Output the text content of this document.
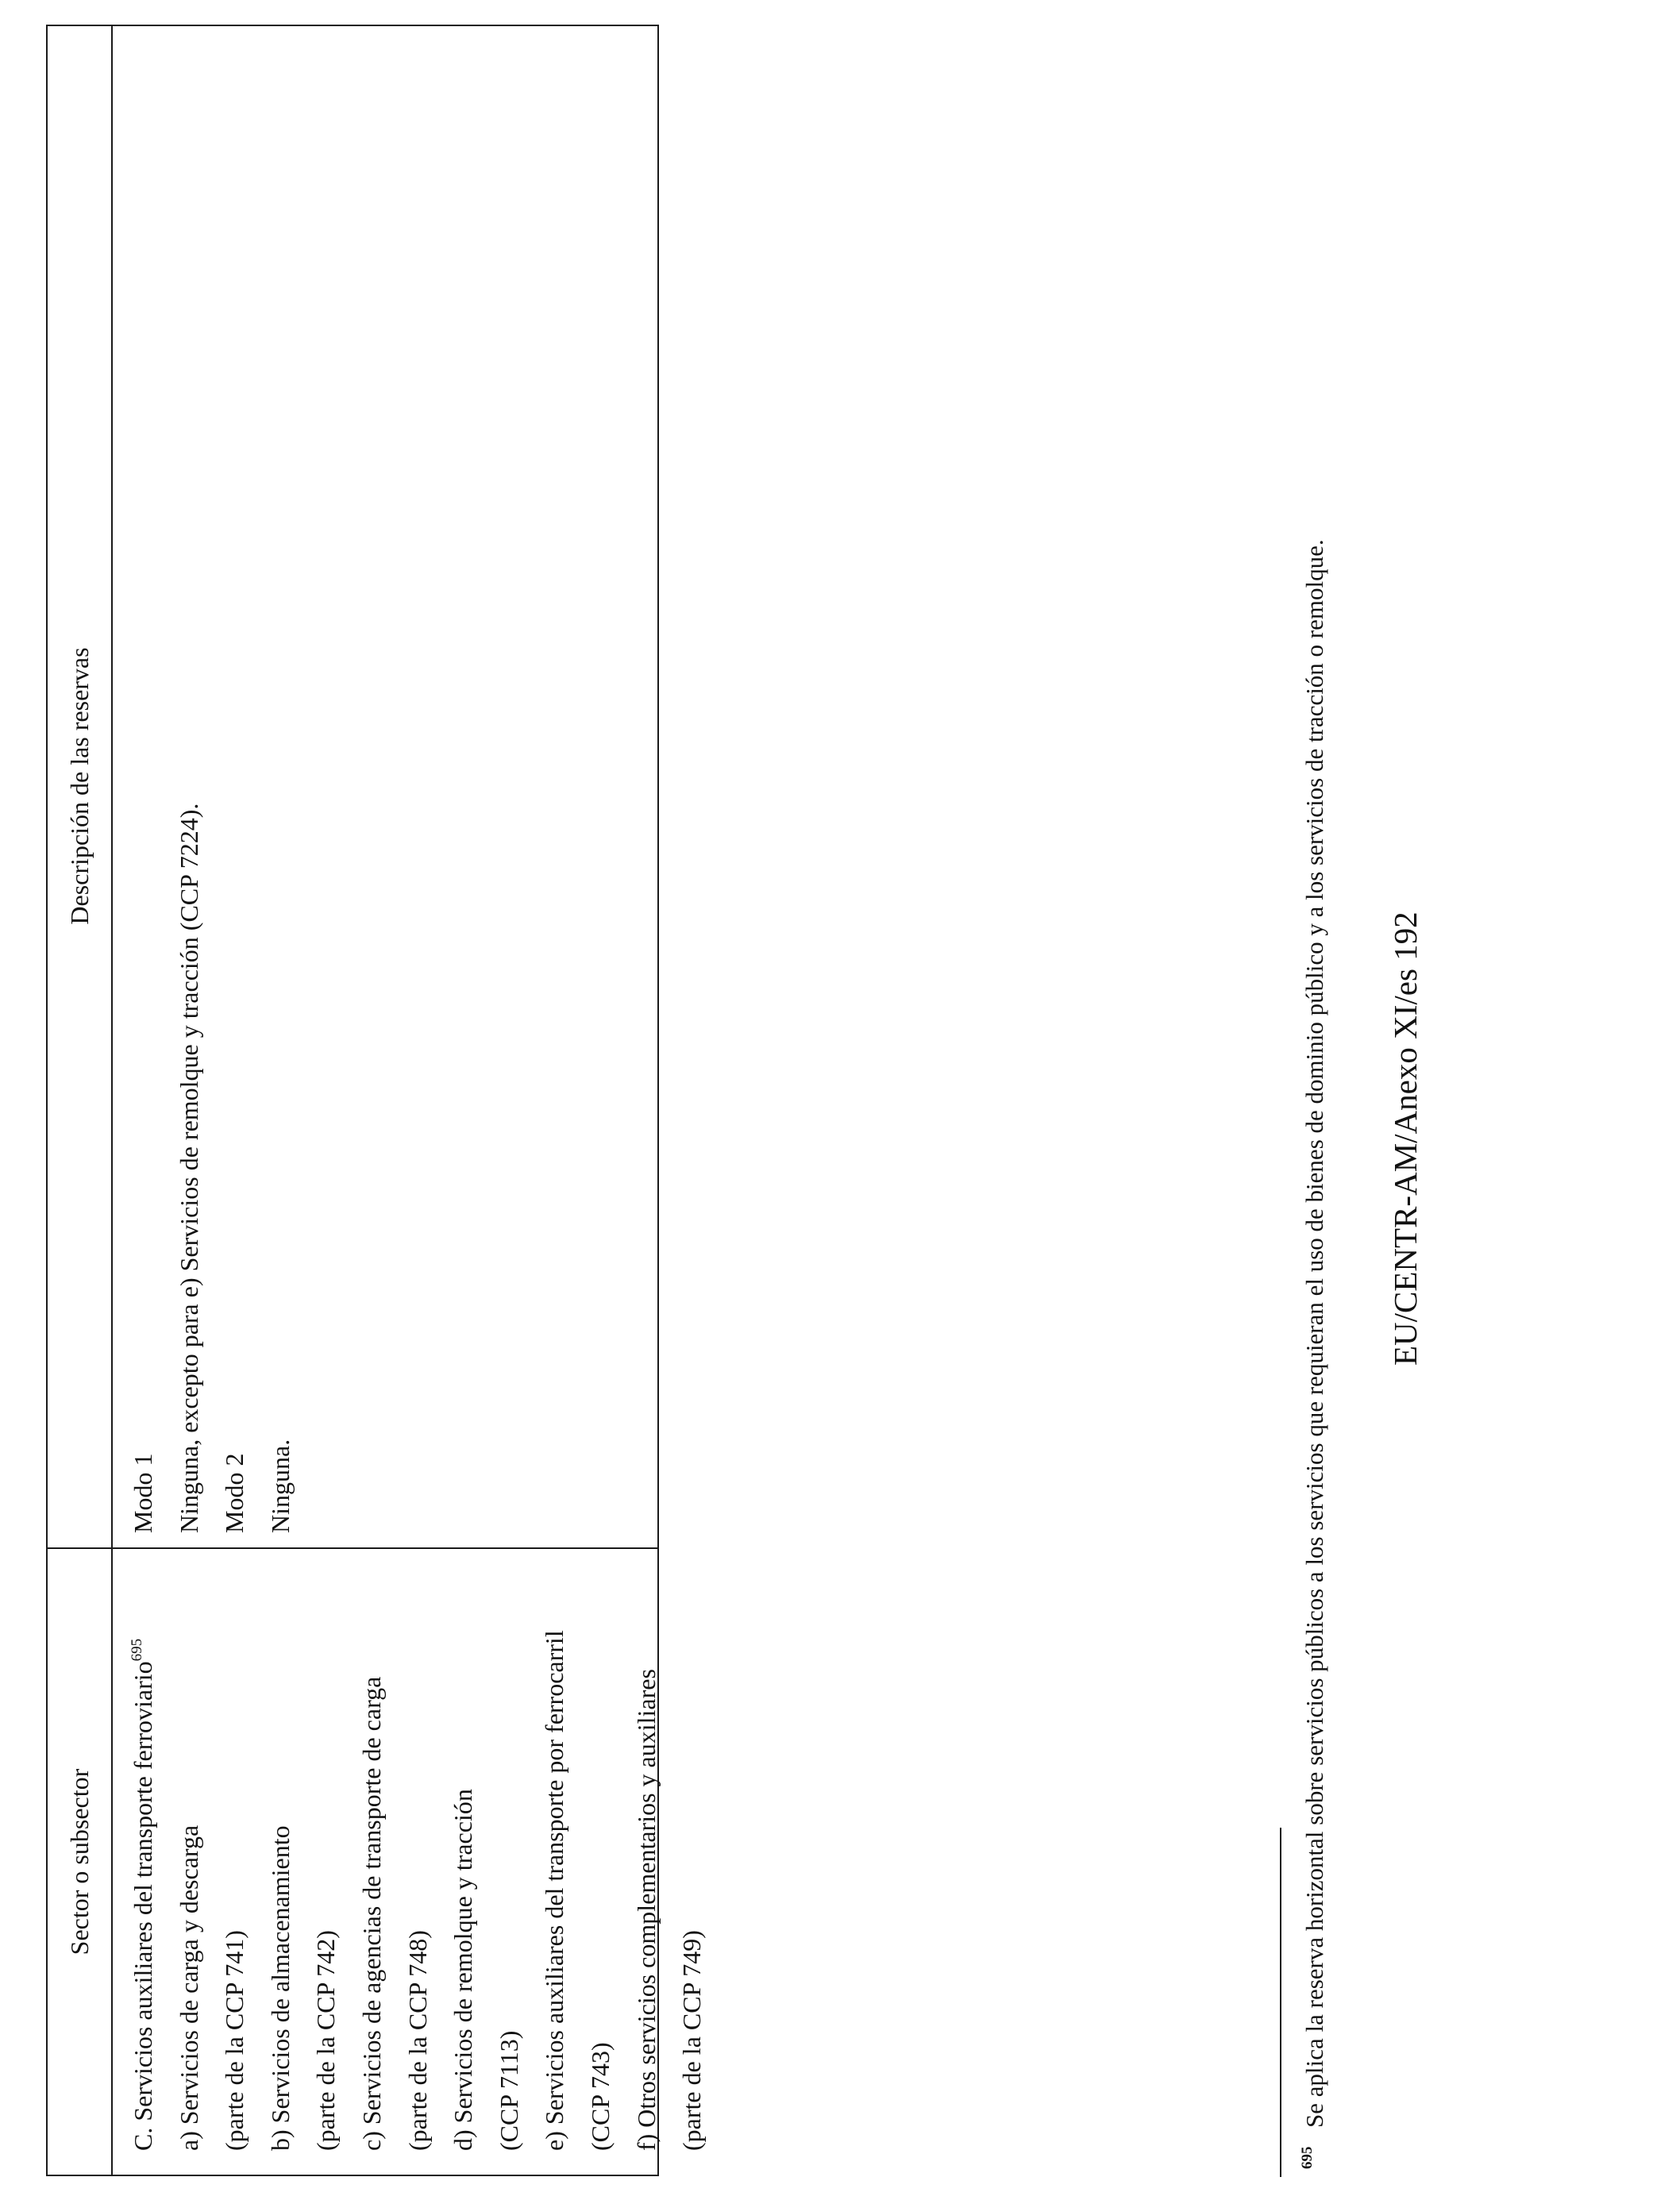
Sector o subsector
Descripción de las reservas
C. Servicios auxiliares del transporte ferroviario$^{695}$
a) Servicios de carga y descarga (parte de la CCP 741) b) Servicios de almacenamiento (parte de la CCP 742) c) Servicios de agencias de transporte de carga (parte de la CCP 748) d) Servicios de remolque y tracción (CCP 7113) e) Servicios auxiliares del transporte por ferrocarril (CCP 743) f) Otros servicios complementarios y auxiliares (parte de la CCP 749)
Modo 1 Ninguna, excepto para e) Servicios de remolque y tracción (CCP 7224). Modo 2 Ninguna.
695
Se aplica la reserva horizontal sobre servicios públicos a los servicios que requieran el uso de bienes de dominio público y a los servicios de tracción o remolque. EU/CENTR-AM/Anexo XI/es 192
